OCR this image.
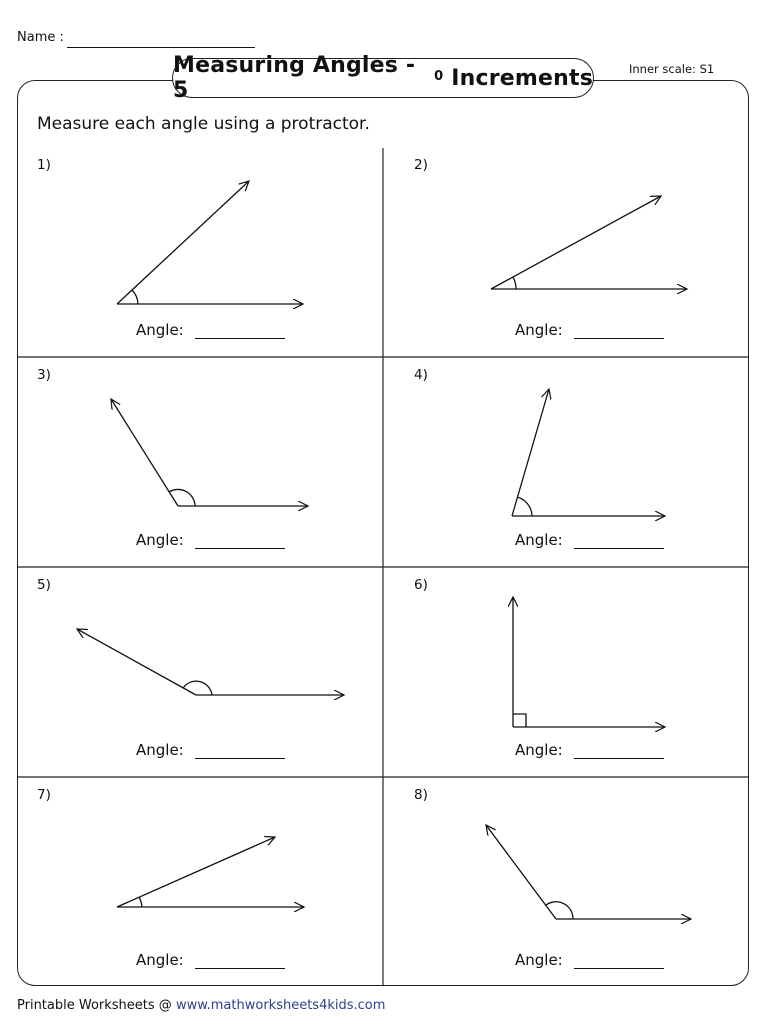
Name :
Inner scale: S1
Measuring Angles - 5
$^0$ Increments
Measure each angle using a protractor.
1)
Angle:
2)
Angle:
3)
Angle:
4)
Angle:
5)
Angle:
6)
Angle:
7)
Angle:
8)
Angle:
Printable Worksheets @ www.mathworksheets4kids.com
